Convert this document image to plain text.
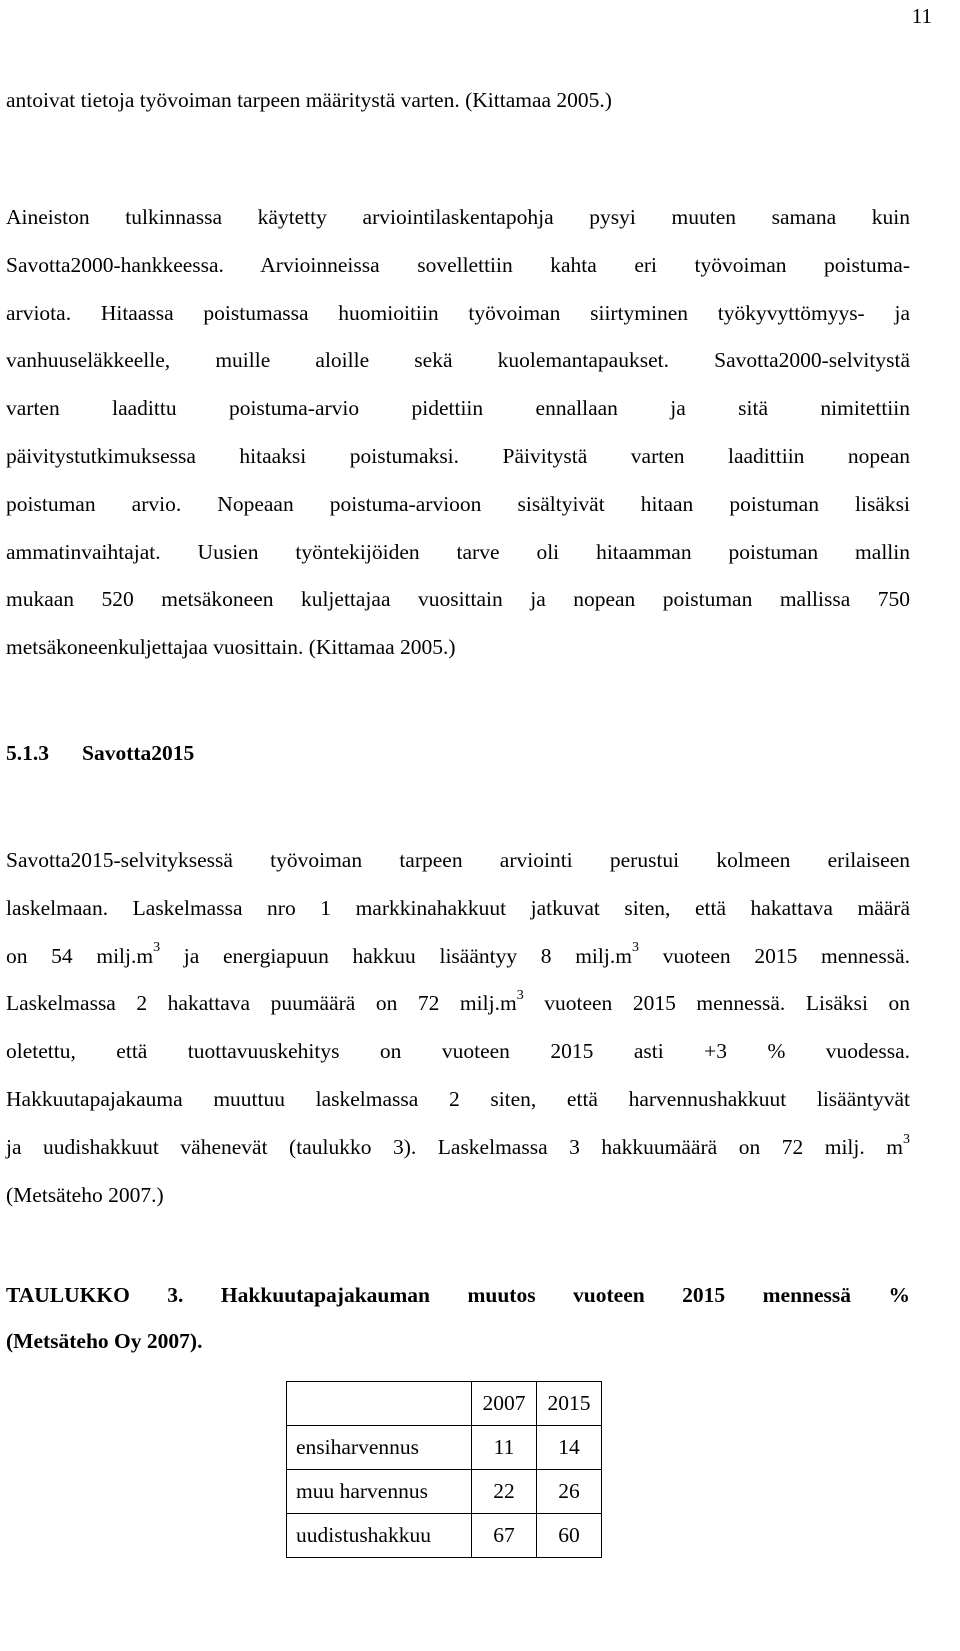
11
antoivat tietoja työvoiman tarpeen määritystä varten. (Kittamaa 2005.)
Aineiston tulkinnassa käytetty arviointilaskentapohja pysyi muuten samana kuin
Savotta2000-hankkeessa. Arvioinneissa sovellettiin kahta eri työvoiman poistuma-
arviota. Hitaassa poistumassa huomioitiin työvoiman siirtyminen työkyvyttömyys- ja
vanhuuseläkkeelle, muille aloille sekä kuolemantapaukset. Savotta2000-selvitystä
varten laadittu poistuma-arvio pidettiin ennallaan ja sitä nimitettiin
päivitystutkimuksessa hitaaksi poistumaksi. Päivitystä varten laadittiin nopean
poistuman arvio. Nopeaan poistuma-arvioon sisältyivät hitaan poistuman lisäksi
ammatinvaihtajat. Uusien työntekijöiden tarve oli hitaamman poistuman mallin
mukaan 520 metsäkoneen kuljettajaa vuosittain ja nopean poistuman mallissa 750
metsäkoneenkuljettajaa vuosittain. (Kittamaa 2005.)
5.1.3 Savotta2015
Savotta2015-selvityksessä työvoiman tarpeen arviointi perustui kolmeen erilaiseen
laskelmaan. Laskelmassa nro 1 markkinahakkuut jatkuvat siten, että hakattava määrä
on 54 $milj.m^3$ ja energiapuun hakkuu lisääntyy 8 $milj.m^3$ vuoteen 2015 mennessä.
Laskelmassa 2 hakattava puumäärä on 72 $milj.m^3$ vuoteen 2015 mennessä. Lisäksi on
oletettu, että tuottavuuskehitys on vuoteen 2015 asti +3 % vuodessa.
Hakkuutapajakauma muuttuu laskelmassa 2 siten, että harvennushakkuut lisääntyvät
ja uudishakkuut vähenevät (taulukko 3). Laskelmassa 3 hakkuumäärä on 72 milj. $m^3$
(Metsäteho 2007.)
TAULUKKO 3. Hakkuutapajakauman muutos vuoteen 2015 mennessä %
(Metsäteho Oy 2007).
	2007	2015
ensiharvennus	11	14
muu harvennus	22	26
uudistushakkuu	67	60
